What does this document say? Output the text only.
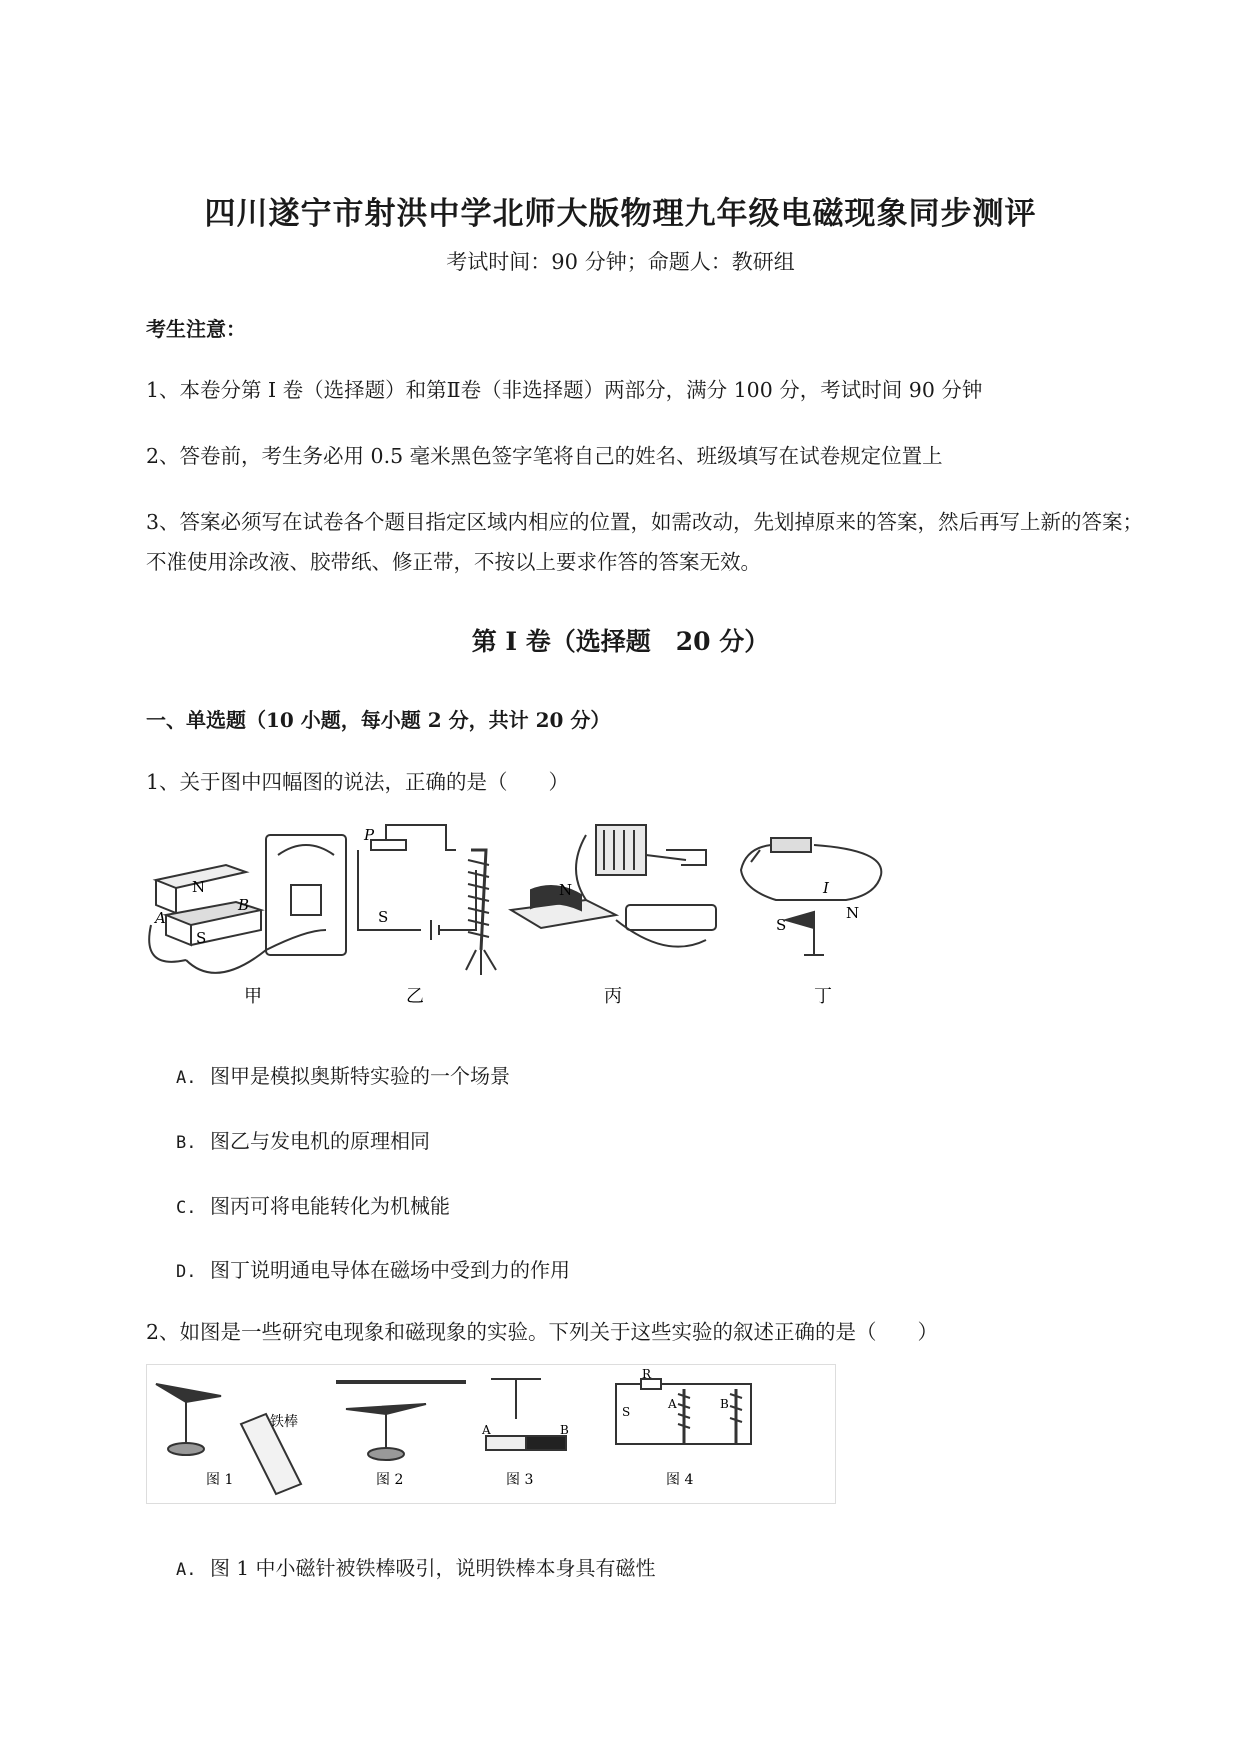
四川遂宁市射洪中学北师大版物理九年级电磁现象同步测评
考试时间：90 分钟；命题人：教研组
考生注意：
1、本卷分第 I 卷（选择题）和第Ⅱ卷（非选择题）两部分，满分 100 分，考试时间 90 分钟
2、答卷前，考生务必用 0.5 毫米黑色签字笔将自己的姓名、班级填写在试卷规定位置上
3、答案必须写在试卷各个题目指定区域内相应的位置，如需改动，先划掉原来的答案，然后再写上新的答案；不准使用涂改液、胶带纸、修正带，不按以上要求作答的答案无效。
第 I 卷（选择题　20 分）
一、单选题（10 小题，每小题 2 分，共计 20 分）
1、关于图中四幅图的说法，正确的是（　　）
N
S
A
B
甲
P
S
乙
N
丙
I
S
N
丁
A. 图甲是模拟奥斯特实验的一个场景
B. 图乙与发电机的原理相同
C. 图丙可将电能转化为机械能
D. 图丁说明通电导体在磁场中受到力的作用
2、如图是一些研究电现象和磁现象的实验。下列关于这些实验的叙述正确的是（　　）
铁棒
图 1	图 2
A	B
图 3
R
S
A	B
图 4
A. 图 1 中小磁针被铁棒吸引，说明铁棒本身具有磁性
